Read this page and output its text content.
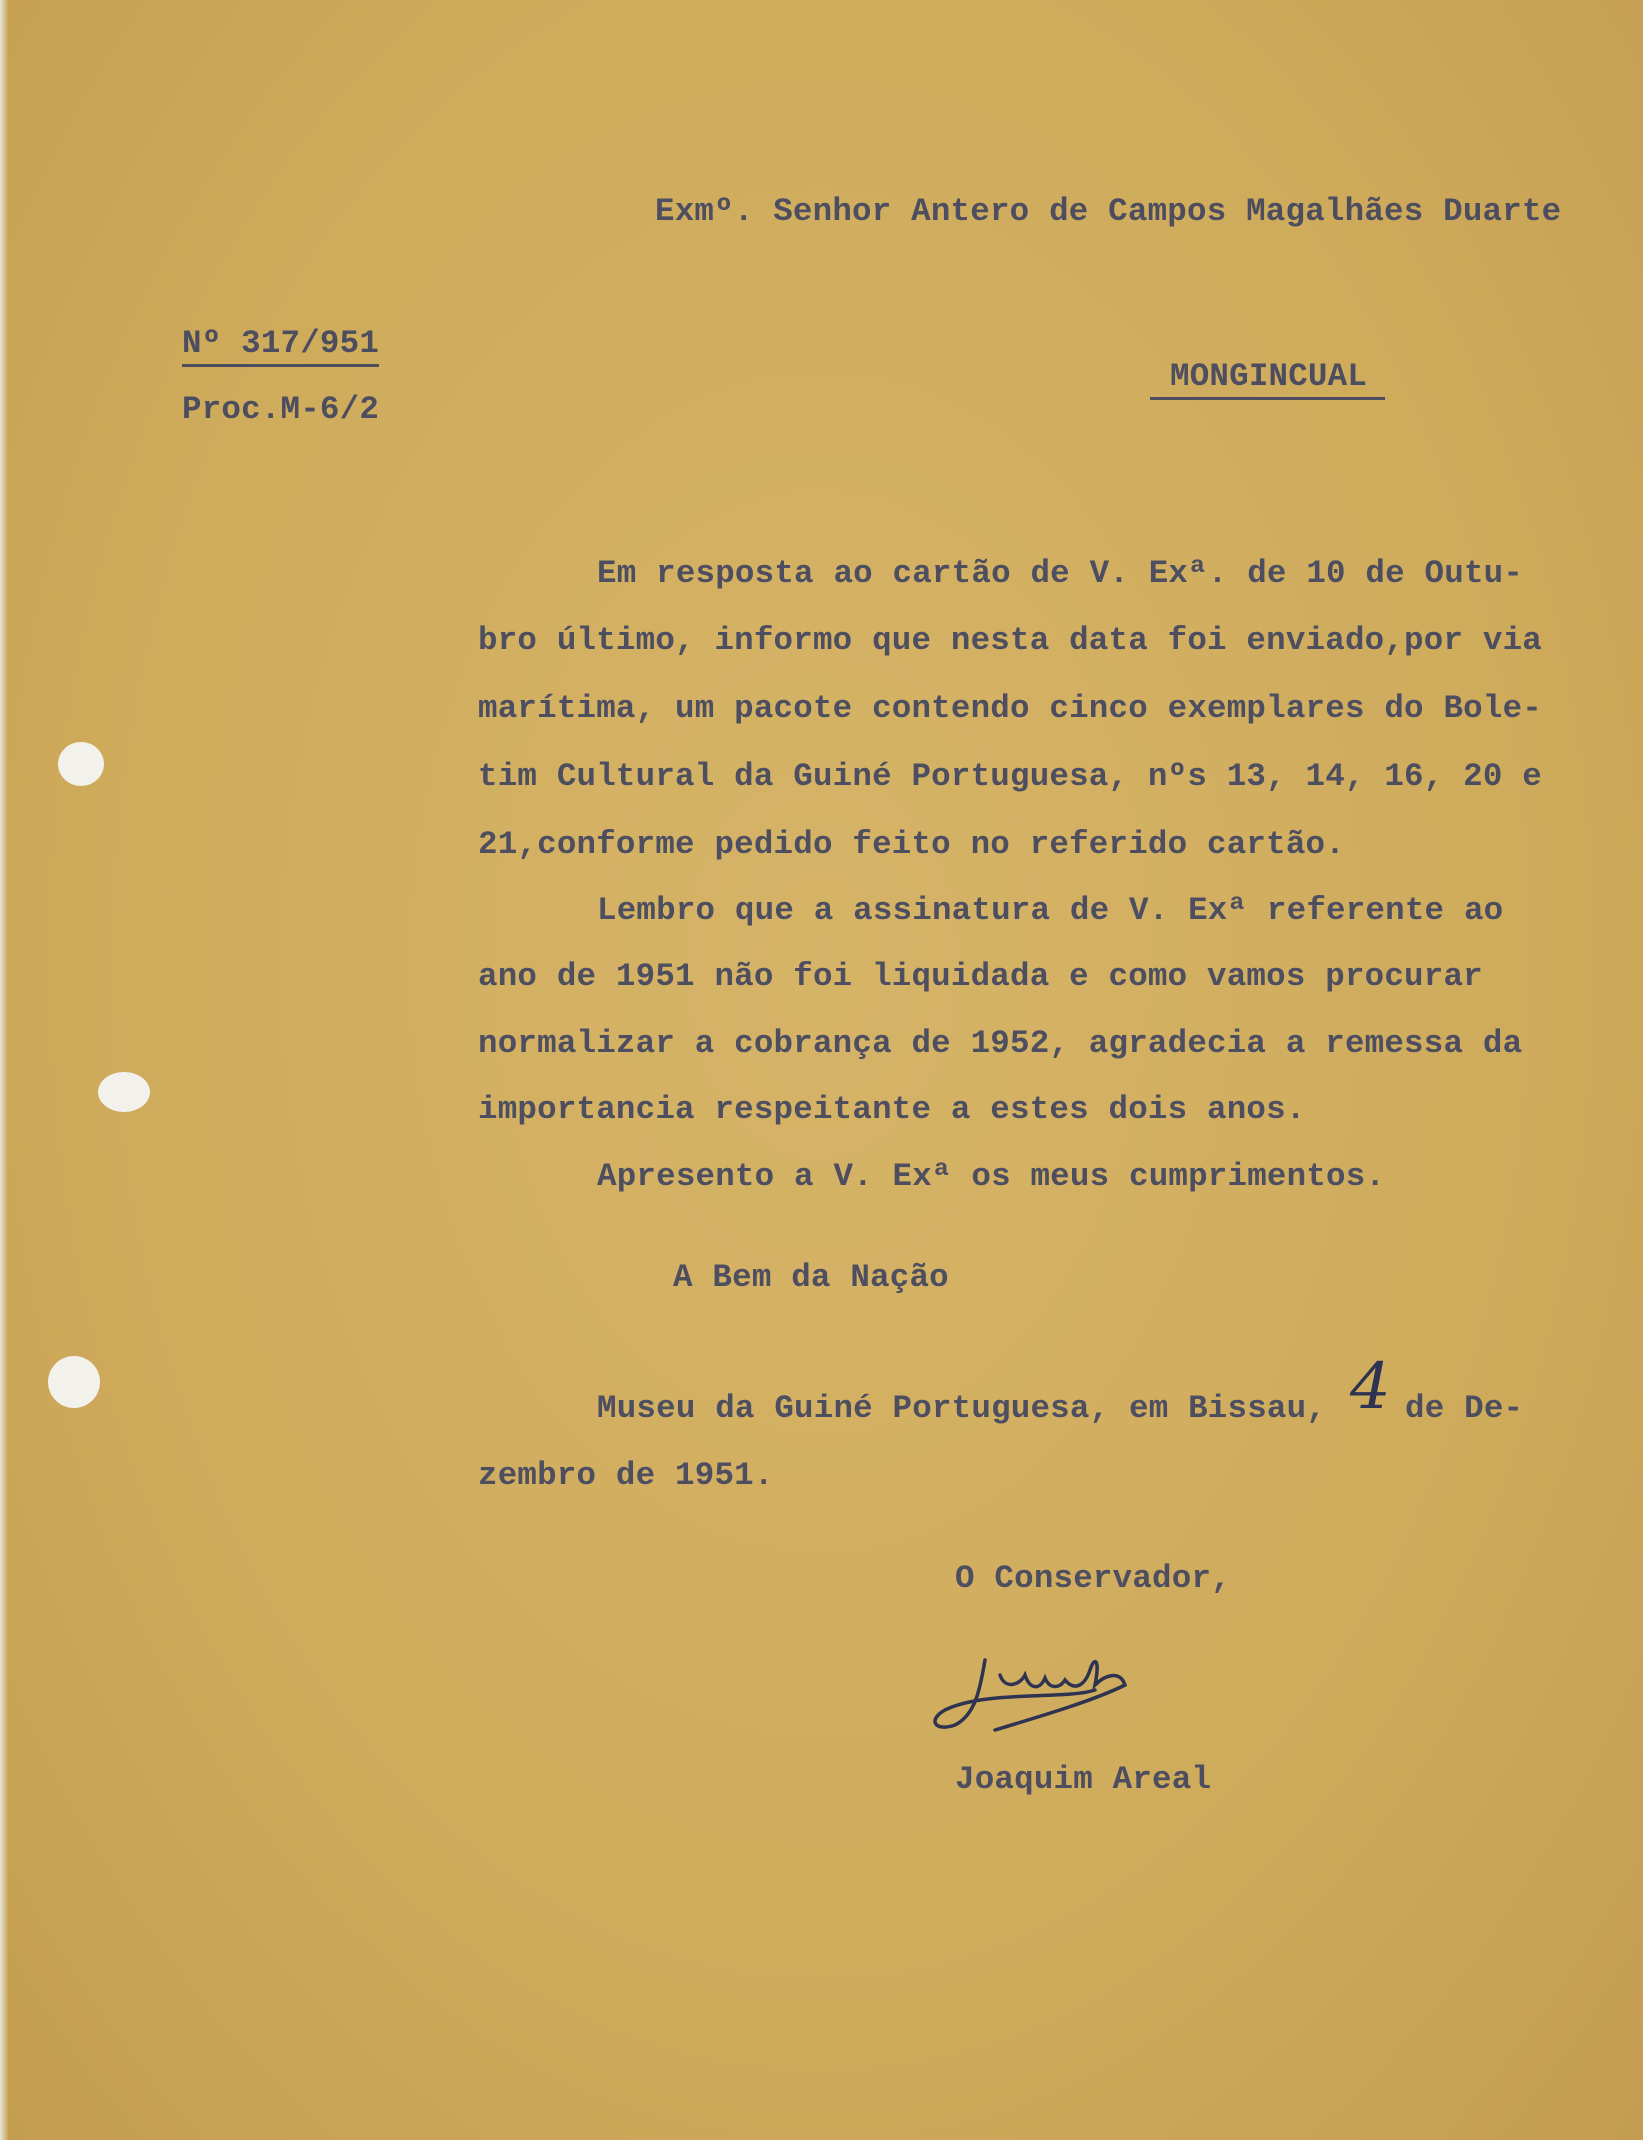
Exmº. Senhor Antero de Campos Magalhães Duarte
Nº 317/951
Proc.M-6/2
MONGINCUAL
Em resposta ao cartão de V. Exª. de 10 de Outu-
bro último, informo que nesta data foi enviado,por via
marítima, um pacote contendo cinco exemplares do Bole-
tim Cultural da Guiné Portuguesa, nºs 13, 14, 16, 20 e
21,conforme pedido feito no referido cartão.
Lembro que a assinatura de V. Exª referente ao
ano de 1951 não foi liquidada e como vamos procurar
normalizar a cobrança de 1952, agradecia a remessa da
importancia respeitante a estes dois anos.
Apresento a V. Exª os meus cumprimentos.
A Bem da Nação
Museu da Guiné Portuguesa, em Bissau, 4 de De-
zembro de 1951.
O Conservador,
Joaquim Areal
